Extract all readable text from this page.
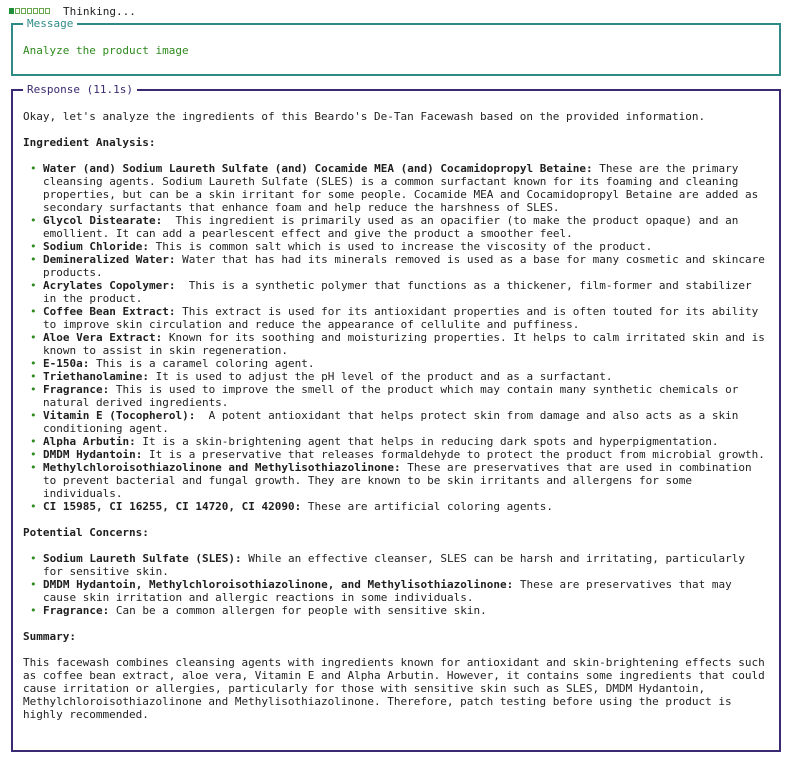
Thinking...
Message
Analyze the product image
Response (11.1s)

Okay, let's analyze the ingredients of this Beardo's De-Tan Facewash based on the provided information.

Ingredient Analysis:

• Water (and) Sodium Laureth Sulfate (and) Cocamide MEA (and) Cocamidopropyl Betaine: These are the primary cleansing agents. Sodium Laureth Sulfate (SLES) is a common surfactant known for its foaming and cleaning properties, but can be a skin irritant for some people. Cocamide MEA and Cocamidopropyl Betaine are added as secondary surfactants that enhance foam and help reduce the harshness of SLES.
• Glycol Distearate:  This ingredient is primarily used as an opacifier (to make the product opaque) and an emollient. It can add a pearlescent effect and give the product a smoother feel.
• Sodium Chloride: This is common salt which is used to increase the viscosity of the product.
• Demineralized Water: Water that has had its minerals removed is used as a base for many cosmetic and skincare products.
• Acrylates Copolymer:  This is a synthetic polymer that functions as a thickener, film-former and stabilizer in the product.
• Coffee Bean Extract: This extract is used for its antioxidant properties and is often touted for its ability to improve skin circulation and reduce the appearance of cellulite and puffiness.
• Aloe Vera Extract: Known for its soothing and moisturizing properties. It helps to calm irritated skin and is known to assist in skin regeneration.
• E-150a: This is a caramel coloring agent.
• Triethanolamine: It is used to adjust the pH level of the product and as a surfactant.
• Fragrance: This is used to improve the smell of the product which may contain many synthetic chemicals or natural derived ingredients.
• Vitamin E (Tocopherol):  A potent antioxidant that helps protect skin from damage and also acts as a skin conditioning agent.
• Alpha Arbutin: It is a skin-brightening agent that helps in reducing dark spots and hyperpigmentation.
• DMDM Hydantoin: It is a preservative that releases formaldehyde to protect the product from microbial growth.
• Methylchloroisothiazolinone and Methylisothiazolinone: These are preservatives that are used in combination to prevent bacterial and fungal growth. They are known to be skin irritants and allergens for some individuals.
• CI 15985, CI 16255, CI 14720, CI 42090: These are artificial coloring agents.

Potential Concerns:

• Sodium Laureth Sulfate (SLES): While an effective cleanser, SLES can be harsh and irritating, particularly for sensitive skin.
• DMDM Hydantoin, Methylchloroisothiazolinone, and Methylisothiazolinone: These are preservatives that may cause skin irritation and allergic reactions in some individuals.
• Fragrance: Can be a common allergen for people with sensitive skin.

Summary:

This facewash combines cleansing agents with ingredients known for antioxidant and skin-brightening effects such as coffee bean extract, aloe vera, Vitamin E and Alpha Arbutin. However, it contains some ingredients that could cause irritation or allergies, particularly for those with sensitive skin such as SLES, DMDM Hydantoin, Methylchloroisothiazolinone and Methylisothiazolinone. Therefore, patch testing before using the product is highly recommended.
